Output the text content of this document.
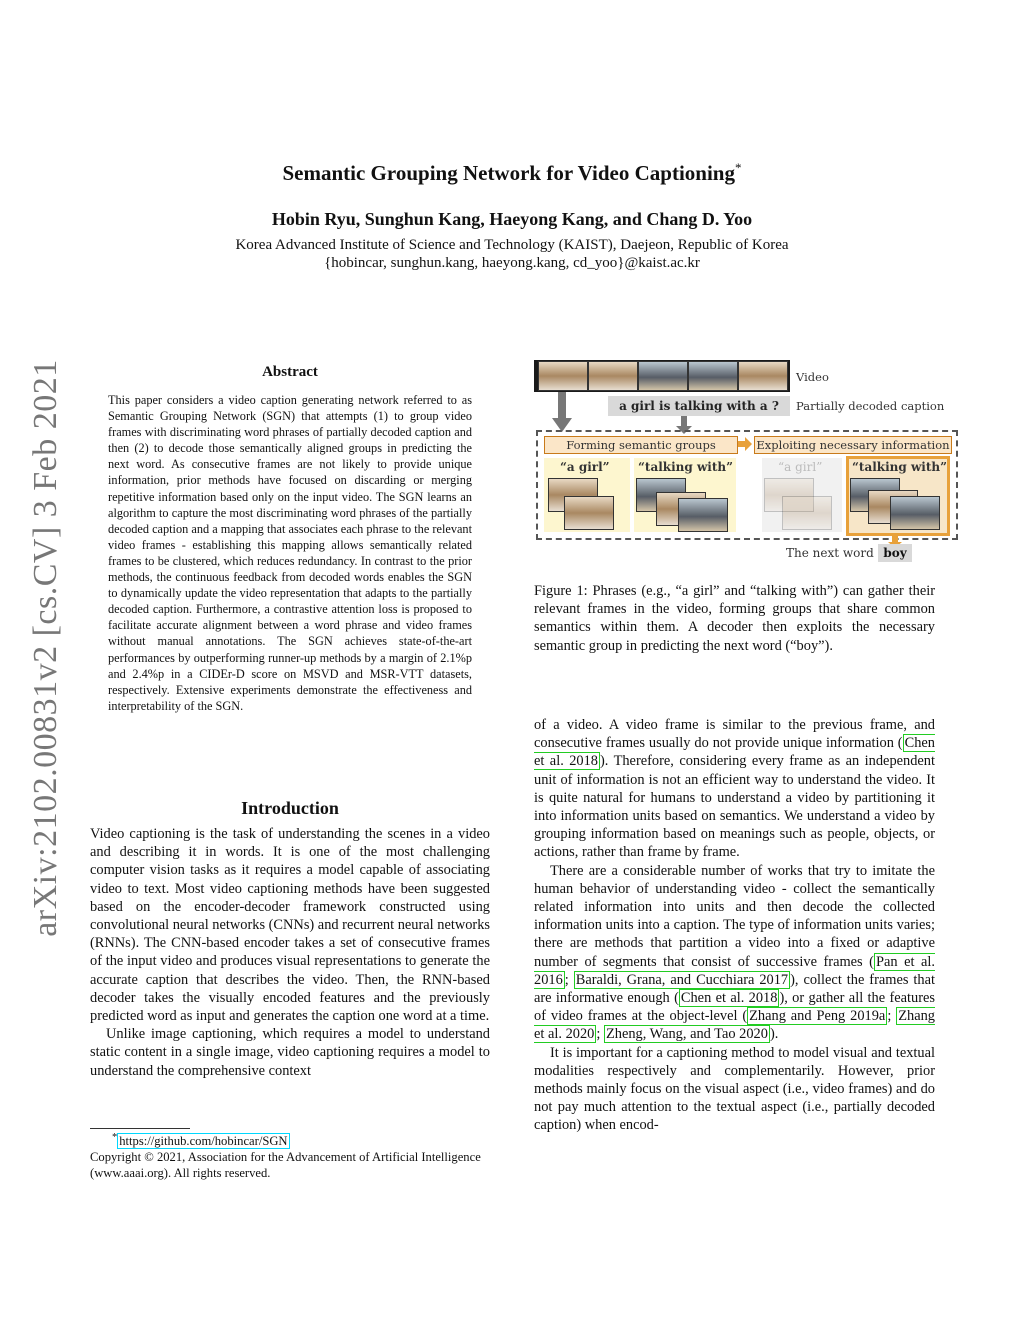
arXiv:2102.00831v2 [cs.CV] 3 Feb 2021
Semantic Grouping Network for Video Captioning*
Hobin Ryu, Sunghun Kang, Haeyong Kang, and Chang D. Yoo
Korea Advanced Institute of Science and Technology (KAIST), Daejeon, Republic of Korea
{hobincar, sunghun.kang, haeyong.kang, cd_yoo}@kaist.ac.kr
Abstract
This paper considers a video caption generating network referred to as Semantic Grouping Network (SGN) that attempts (1) to group video frames with discriminating word phrases of partially decoded caption and then (2) to decode those semantically aligned groups in predicting the next word. As consecutive frames are not likely to provide unique information, prior methods have focused on discarding or merging repetitive information based only on the input video. The SGN learns an algorithm to capture the most discriminating word phrases of the partially decoded caption and a mapping that associates each phrase to the relevant video frames - establishing this mapping allows semantically related frames to be clustered, which reduces redundancy. In contrast to the prior methods, the continuous feedback from decoded words enables the SGN to dynamically update the video representation that adapts to the partially decoded caption. Furthermore, a contrastive attention loss is proposed to facilitate accurate alignment between a word phrase and video frames without manual annotations. The SGN achieves state-of-the-art performances by outperforming runner-up methods by a margin of 2.1%p and 2.4%p in a CIDEr-D score on MSVD and MSR-VTT datasets, respectively. Extensive experiments demonstrate the effectiveness and interpretability of the SGN.
Introduction

Video captioning is the task of understanding the scenes in a video and describing it in words. It is one of the most challenging computer vision tasks as it requires a model capable of associating video to text. Most video captioning methods have been suggested based on the encoder-decoder framework constructed using convolutional neural networks (CNNs) and recurrent neural networks (RNNs). The CNN-based encoder takes a set of consecutive frames of the input video and produces visual representations to generate the accurate caption that describes the video. Then, the RNN-based decoder takes the visually encoded features and the previously predicted word as input and generates the caption one word at a time.

Unlike image captioning, which requires a model to understand static content in a single image, video captioning requires a model to understand the comprehensive context

* https://github.com/hobincar/SGN
Copyright © 2021, Association for the Advancement of Artificial Intelligence (www.aaai.org). All rights reserved.
Video
a girl is talking with a ?	Partially decoded caption
Forming semantic groups	Exploiting necessary information
“a girl” “talking with”	“a girl” “talking with”
The next word boy
Figure 1: Phrases (e.g., “a girl” and “talking with”) can gather their relevant frames in the video, forming groups that share common semantics within them. A decoder then exploits the necessary semantic group in predicting the next word (“boy”).

of a video. A video frame is similar to the previous frame, and consecutive frames usually do not provide unique information ( Chen et al. 2018 ). Therefore, considering every frame as an independent unit of information is not an efficient way to understand the video. It is quite natural for humans to understand a video by partitioning it into information units based on semantics. We understand a video by grouping information based on meanings such as people, objects, or actions, rather than frame by frame.

There are a considerable number of works that try to imitate the human behavior of understanding video - collect the semantically related information into units and then decode the collected information units into a caption. The type of information units varies; there are methods that partition a video into a fixed or adaptive number of segments that consist of successive frames ( Pan et al. 2016 ; Baraldi, Grana, and Cucchiara 2017 ), collect the frames that are informative enough ( Chen et al. 2018 ), or gather all the features of video frames at the object-level ( Zhang and Peng 2019a ; Zhang et al. 2020 ; Zheng, Wang, and Tao 2020 ).

It is important for a captioning method to model visual and textual modalities respectively and complementarily. However, prior methods mainly focus on the visual aspect (i.e., video frames) and do not pay much attention to the textual aspect (i.e., partially decoded caption) when encod-
